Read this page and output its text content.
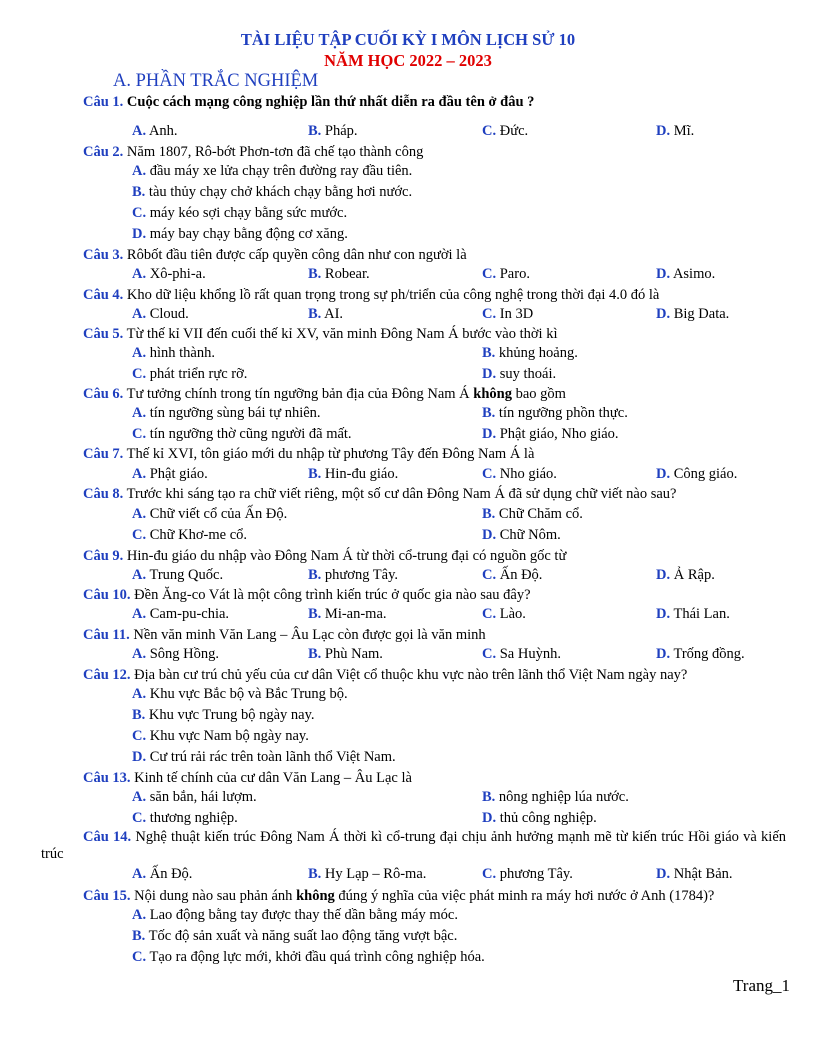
TÀI LIỆU TẬP CUỐI KỲ I MÔN LỊCH SỬ 10
NĂM HỌC 2022 – 2023
A. PHẦN TRẮC NGHIỆM
Câu 1. Cuộc cách mạng công nghiệp lần thứ nhất diễn ra đầu tên ở đâu ?
A. Anh.	B. Pháp.	C. Đức.	D. Mĩ.
Câu 2. Năm 1807, Rô-bớt Phơn-tơn đã chế tạo thành công
A. đầu máy xe lửa chạy trên đường ray đầu tiên.
B. tàu thủy chạy chở khách chạy bằng hơi nước.
C. máy kéo sợi chạy bằng sức mước.
D. máy bay chạy bằng động cơ xăng.
Câu 3. Rôbốt đầu tiên được cấp quyền công dân như con người là
A. Xô-phi-a.	B. Robear.	C. Paro.	D. Asimo.
Câu 4. Kho dữ liệu khổng lồ rất quan trọng trong sự ph/triển của công nghệ trong thời đại 4.0 đó là
A. Cloud.	B. AI.	C. In 3D	D. Big Data.
Câu 5. Từ thế kỉ VII đến cuối thế kỉ XV, văn minh Đông Nam Á bước vào thời kì
A. hình thành.	B. khủng hoảng.
C. phát triển rực rỡ.	D. suy thoái.
Câu 6. Tư tưởng chính trong tín ngưỡng bản địa của Đông Nam Á không bao gồm
A. tín ngưỡng sùng bái tự nhiên.	B. tín ngưỡng phồn thực.
C. tín ngưỡng thờ cũng người đã mất.	D. Phật giáo, Nho giáo.
Câu 7. Thế kỉ XVI, tôn giáo mới du nhập từ phương Tây đến Đông Nam Á là
A. Phật giáo.	B. Hin-đu giáo.	C. Nho giáo.	D. Công giáo.
Câu 8. Trước khi sáng tạo ra chữ viết riêng, một số cư dân Đông Nam Á đã sử dụng chữ viết nào sau?
A. Chữ viết cổ của Ấn Độ.	B. Chữ Chăm cổ.
C. Chữ Khơ-me cổ.	D. Chữ Nôm.
Câu 9. Hin-đu giáo du nhập vào Đông Nam Á từ thời cổ-trung đại có nguồn gốc từ
A. Trung Quốc.	B. phương Tây.	C. Ấn Độ.	D. Ả Rập.
Câu 10. Đền Ăng-co Vát là một công trình kiến trúc ở quốc gia nào sau đây?
A. Cam-pu-chia.	B. Mi-an-ma.	C. Lào.	D. Thái Lan.
Câu 11. Nền văn minh Văn Lang – Âu Lạc còn được gọi là văn minh
A. Sông Hồng.	B. Phù Nam.	C. Sa Huỳnh.	D. Trống đồng.
Câu 12. Địa bàn cư trú chủ yếu của cư dân Việt cổ thuộc khu vực nào trên lãnh thổ Việt Nam ngày nay?
A. Khu vực Bắc bộ và Bắc Trung bộ.
B. Khu vực Trung bộ ngày nay.
C. Khu vực Nam bộ ngày nay.
D. Cư trú rải rác trên toàn lãnh thổ Việt Nam.
Câu 13. Kinh tế chính của cư dân Văn Lang – Âu Lạc là
A. săn bắn, hái lượm.	B. nông nghiệp lúa nước.
C. thương nghiệp.	D. thủ công nghiệp.
Câu 14. Nghệ thuật kiến trúc Đông Nam Á thời kì cổ-trung đại chịu ảnh hưởng mạnh mẽ từ kiến trúc Hồi giáo và kiến trúc
A. Ấn Độ.	B. Hy Lạp – Rô-ma.	C. phương Tây.	D. Nhật Bản.
Câu 15. Nội dung nào sau phản ánh không đúng ý nghĩa của việc phát minh ra máy hơi nước ở Anh (1784)?
A. Lao động bằng tay được thay thế dần bằng máy móc.
B. Tốc độ sản xuất và năng suất lao động tăng vượt bậc.
C. Tạo ra động lực mới, khởi đầu quá trình công nghiệp hóa.
Trang_1
